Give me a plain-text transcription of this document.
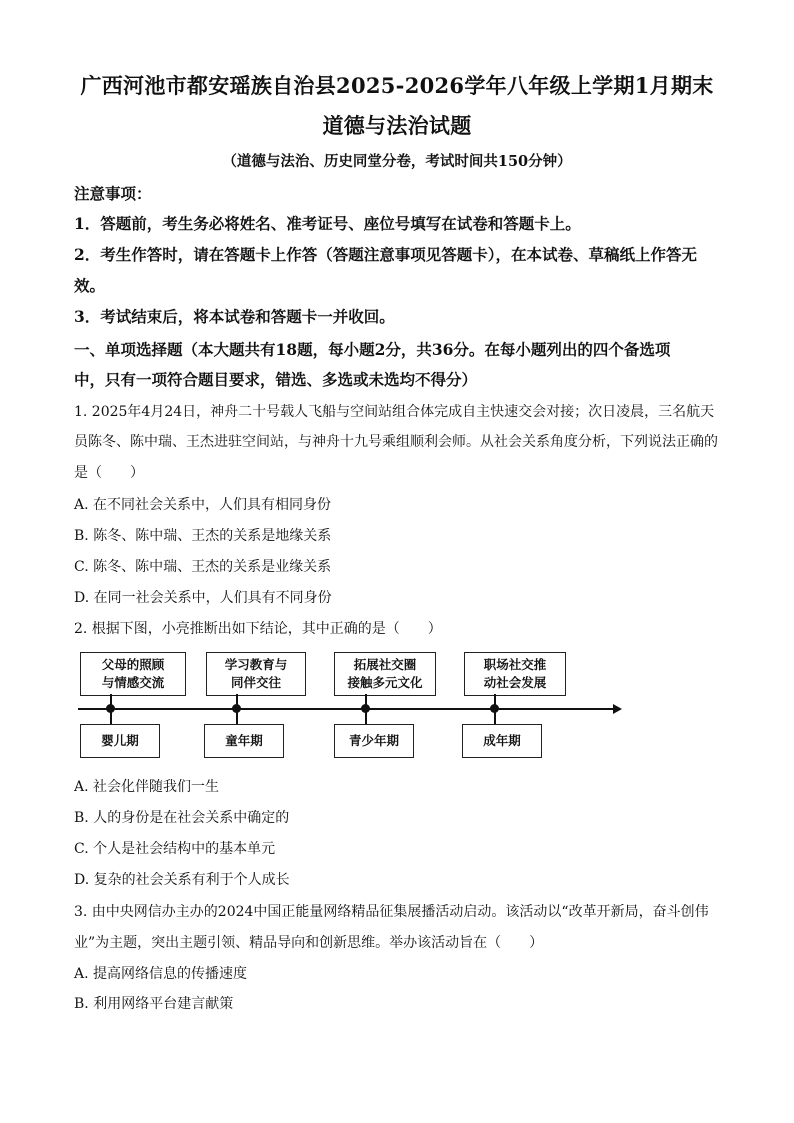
广西河池市都安瑶族自治县2025-2026学年八年级上学期1月期末
道德与法治试题
（道德与法治、历史同堂分卷，考试时间共150分钟）
注意事项：
1．答题前，考生务必将姓名、准考证号、座位号填写在试卷和答题卡上。
2．考生作答时，请在答题卡上作答（答题注意事项见答题卡），在本试卷、草稿纸上作答无
效。
3．考试结束后，将本试卷和答题卡一并收回。
一、单项选择题（本大题共有18题，每小题2分，共36分。在每小题列出的四个备选项
中，只有一项符合题目要求，错选、多选或未选均不得分）
1. 2025年4月24日，神舟二十号载人飞船与空间站组合体完成自主快速交会对接；次日凌晨，三名航天
员陈冬、陈中瑞、王杰进驻空间站，与神舟十九号乘组顺利会师。从社会关系角度分析，下列说法正确的
是（　　）
A. 在不同社会关系中，人们具有相同身份
B. 陈冬、陈中瑞、王杰的关系是地缘关系
C. 陈冬、陈中瑞、王杰的关系是业缘关系
D. 在同一社会关系中，人们具有不同身份
2. 根据下图，小亮推断出如下结论，其中正确的是（　　）
父母的照顾
与情感交流
学习教育与
同伴交往
拓展社交圈
接触多元文化
职场社交推
动社会发展
婴儿期	童年期	青少年期	成年期
A. 社会化伴随我们一生
B. 人的身份是在社会关系中确定的
C. 个人是社会结构中的基本单元
D. 复杂的社会关系有利于个人成长
3. 由中央网信办主办的2024中国正能量网络精品征集展播活动启动。该活动以“改革开新局，奋斗创伟
业”为主题，突出主题引领、精品导向和创新思维。举办该活动旨在（　　）
A. 提高网络信息的传播速度
B. 利用网络平台建言献策
